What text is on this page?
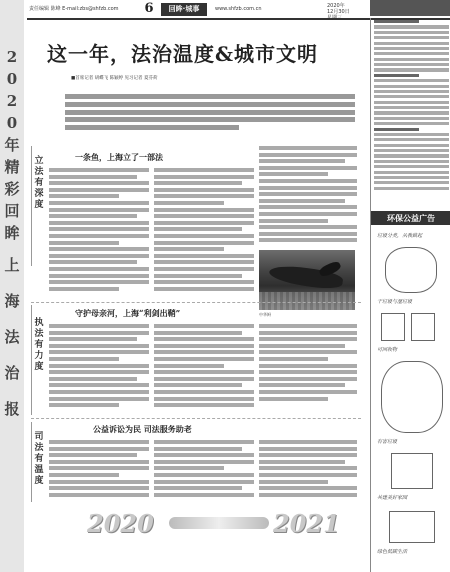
2
0
2
0
年
精
彩
回
眸
上
海
法
治
报
责任编辑 陈峰 E-mail:zbs@shfzb.com	6	回眸·城事	www.shfzb.com.cn	2020年
12月30日
星期三
这一年，法治温度&城市文明
■首席记者 胡蝶飞 陈颖婷 见习记者 夏芬荷
立
法
有
深
度
一条鱼，上海立了一部法
中华鲟
执
法
有
力
度
守护母亲河，上海“利剑出鞘”
司
法
有
温
度
公益诉讼为民 司法服务助老
2020	2021
环保公益广告
垃圾分类，从我做起
干垃圾与湿垃圾
可回收物
有害垃圾
共建美好家园
绿色低碳生活
